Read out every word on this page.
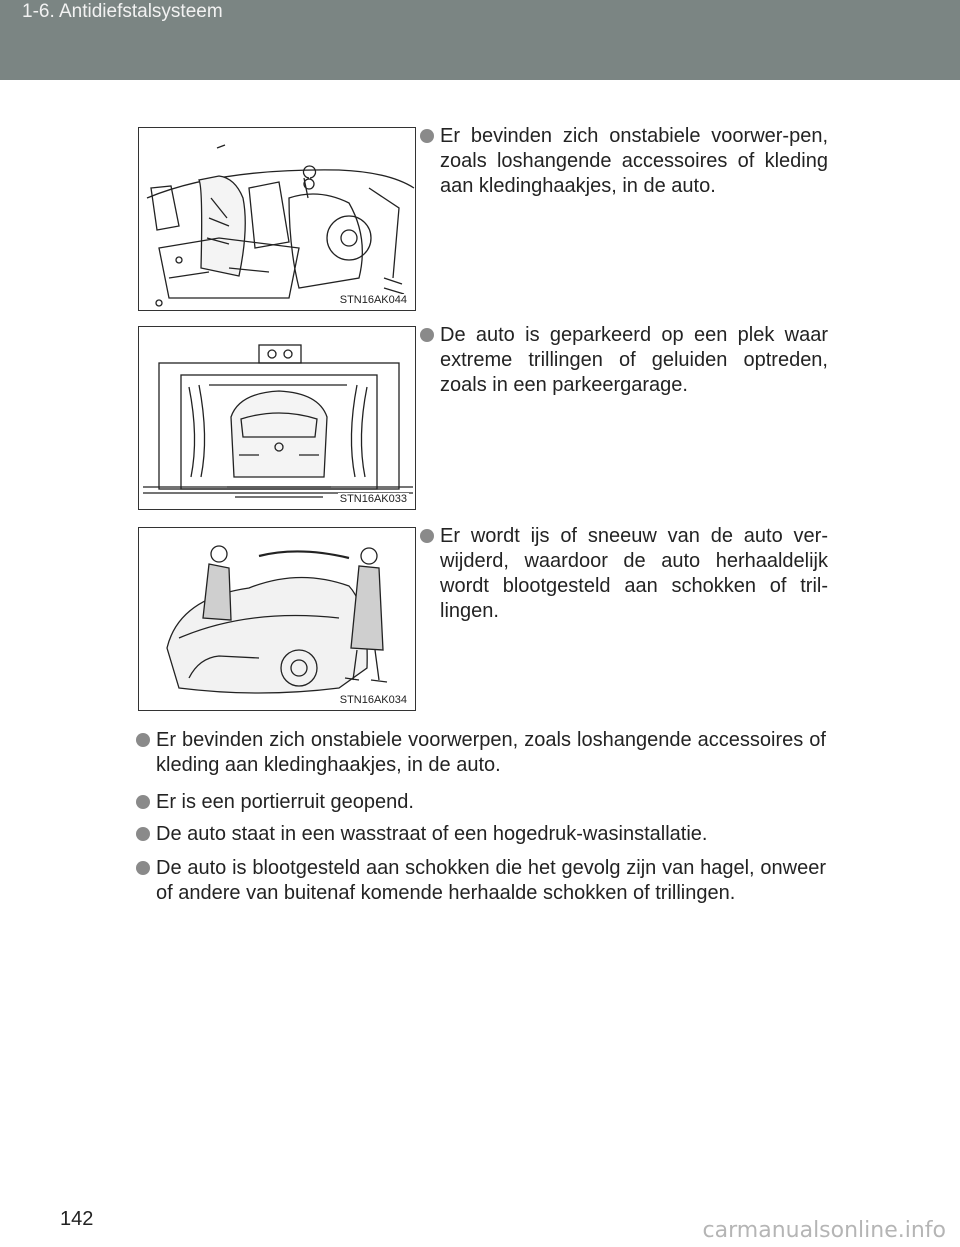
1-6. Antidiefstalsysteem
STN16AK044
STN16AK033
STN16AK034
Er bevinden zich onstabiele voorwer-pen, zoals loshangende accessoires of kleding aan kledinghaakjes, in de auto.
De auto is geparkeerd op een plek waar extreme trillingen of geluiden optreden, zoals in een parkeergarage.
Er wordt ijs of sneeuw van de auto ver-wijderd, waardoor de auto herhaaldelijk wordt blootgesteld aan schokken of tril-lingen.
Er bevinden zich onstabiele voorwerpen, zoals loshangende accessoires of kleding aan kledinghaakjes, in de auto.
Er is een portierruit geopend.
De auto staat in een wasstraat of een hogedruk-wasinstallatie.
De auto is blootgesteld aan schokken die het gevolg zijn van hagel, onweer of andere van buitenaf komende herhaalde schokken of trillingen.
142	carmanualsonline.info
